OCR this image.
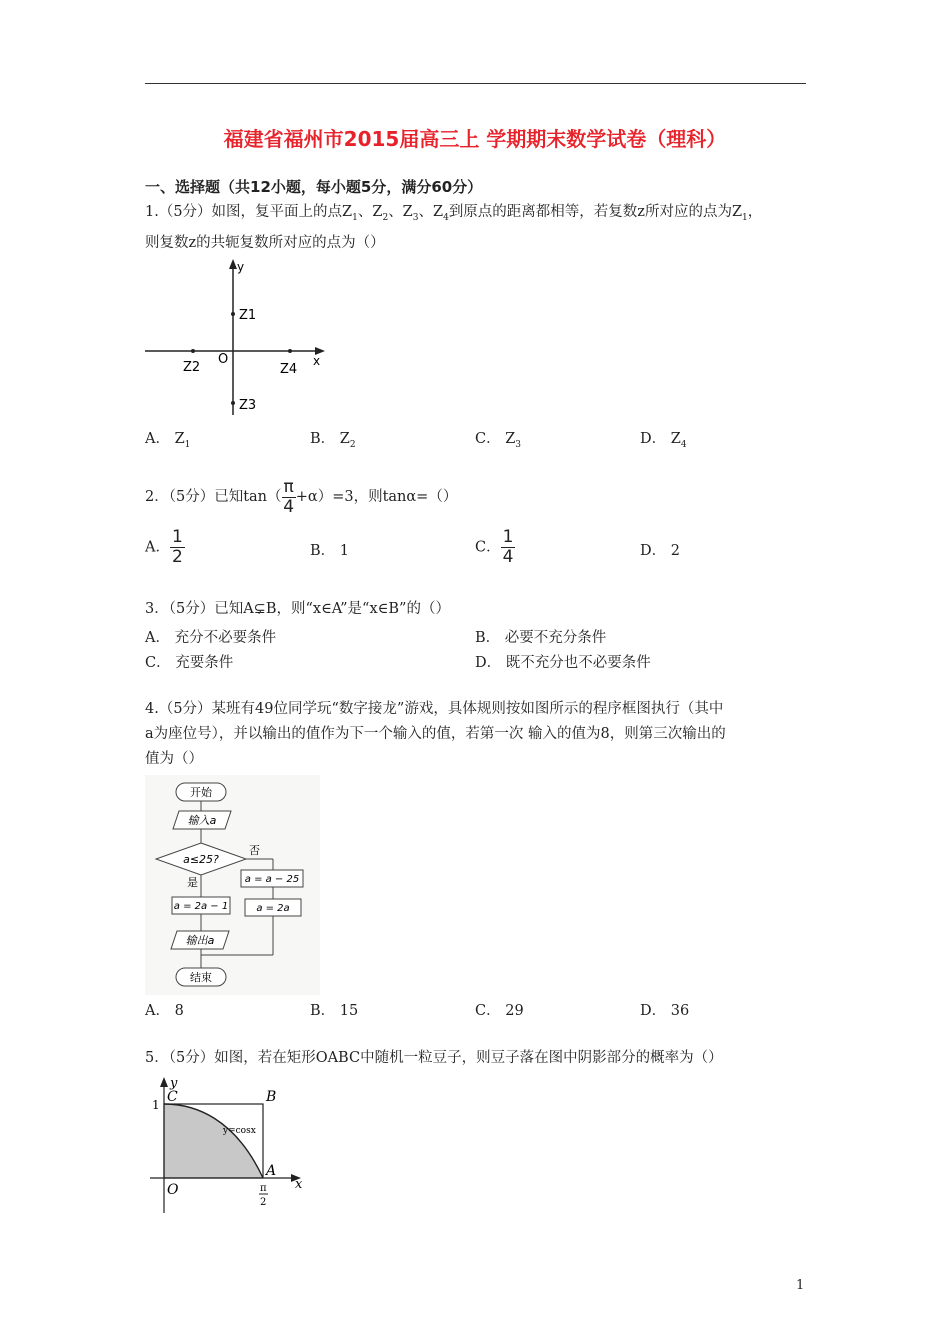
福建省福州市2015届高三上 学期期末数学试卷（理科）
一、选择题（共12小题，每小题5分，满分60分）
1.（5分）如图，复平面上的点$Z_1$、$Z_2$、$Z_3$、$Z_4$到原点的距离都相等，若复数z所对应的点为$Z_1$，
则复数z的共轭复数所对应的点为（）
y
x
O
Z1
Z2	Z4
Z3
A． $Z_1$	B． $Z_2$	C． $Z_3$	D． $Z_4$
2．（5分）已知$\tan( \frac{\pi}{4} +\alpha)=3$，则tanα=（）
A． $\frac{1}{2}$	B． 1	C． $\frac{1}{4}$	D． 2
3．（5分）已知A⊊B，则“x∈A”是“x∈B”的（）
A． 充分不必要条件	B． 必要不充分条件
C． 充要条件	D． 既不充分也不必要条件
4.（5分）某班有49位同学玩“数字接龙”游戏，具体规则按如图所示的程序框图执行（其中
a为座位号），并以输出的值作为下一个输入的值，若第一次 输入的值为8，则第三次输出的
值为（）
开始
输入a
a≤25?
否
是	a = a − 25
a = 2a
a = 2a − 1
输出a
结束
A． 8	B． 15	C． 29	D． 36
5．（5分）如图，若在矩形OABC中随机一粒豆子，则豆子落在图中阴影部分的概率为（）
y
x
C	B
A
O
1
y=cosx
π
2
1
